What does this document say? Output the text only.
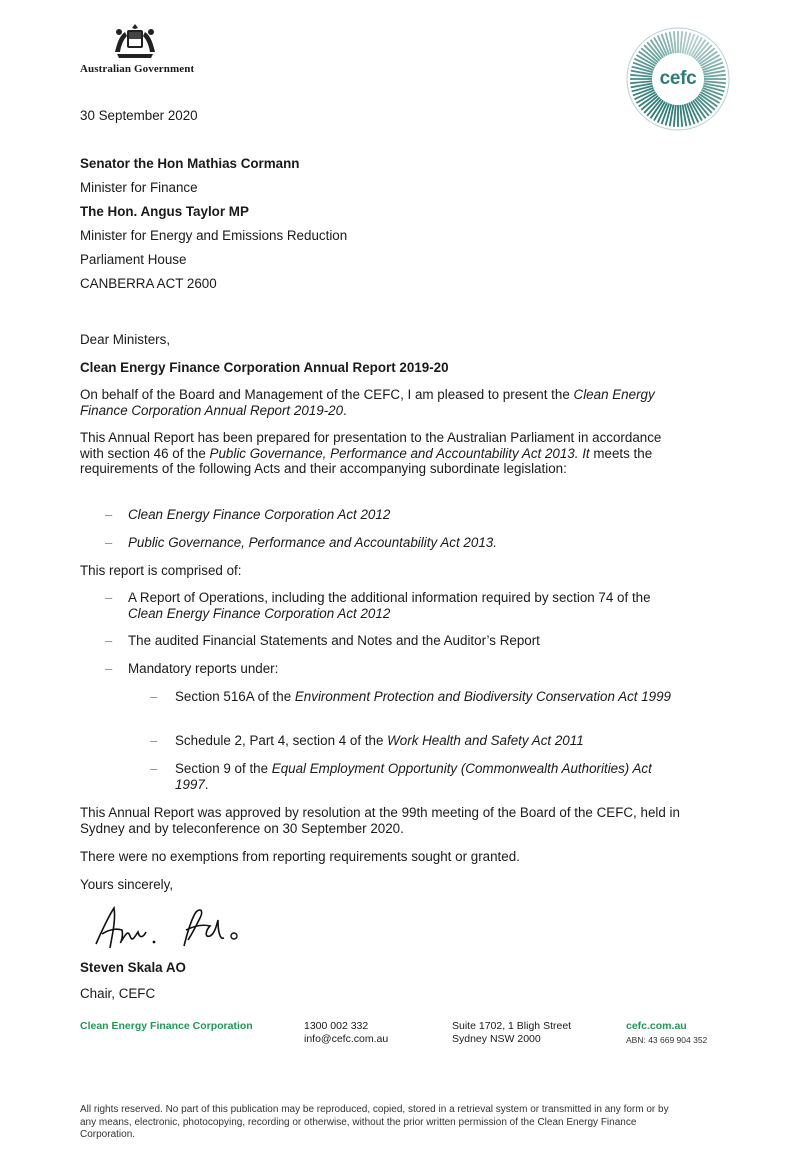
Australian Government	cefc
30 September 2020
Senator the Hon Mathias Cormann
Minister for Finance
The Hon. Angus Taylor MP
Minister for Energy and Emissions Reduction
Parliament House
CANBERRA ACT 2600
Dear Ministers,
Clean Energy Finance Corporation Annual Report 2019-20
On behalf of the Board and Management of the CEFC, I am pleased to present the Clean Energy Finance Corporation Annual Report 2019-20.
This Annual Report has been prepared for presentation to the Australian Parliament in accordance with section 46 of the Public Governance, Performance and Accountability Act 2013. It meets the requirements of the following Acts and their accompanying subordinate legislation:
– Clean Energy Finance Corporation Act 2012
– Public Governance, Performance and Accountability Act 2013.
This report is comprised of:
– A Report of Operations, including the additional information required by section 74 of the Clean Energy Finance Corporation Act 2012
– The audited Financial Statements and Notes and the Auditor’s Report
– Mandatory reports under:
– Section 516A of the Environment Protection and Biodiversity Conservation Act 1999
– Schedule 2, Part 4, section 4 of the Work Health and Safety Act 2011
– Section 9 of the Equal Employment Opportunity (Commonwealth Authorities) Act 1997.
This Annual Report was approved by resolution at the 99th meeting of the Board of the CEFC, held in Sydney and by teleconference on 30 September 2020.
There were no exemptions from reporting requirements sought or granted.
Yours sincerely,
Steven Skala AO
Chair, CEFC
Clean Energy Finance Corporation	1300 002 332
info@cefc.com.au
Suite 1702, 1 Bligh Street
Sydney NSW 2000
cefc.com.au
ABN: 43 669 904 352
All rights reserved. No part of this publication may be reproduced, copied, stored in a retrieval system or transmitted in any form or by any means, electronic, photocopying, recording or otherwise, without the prior written permission of the Clean Energy Finance Corporation.
